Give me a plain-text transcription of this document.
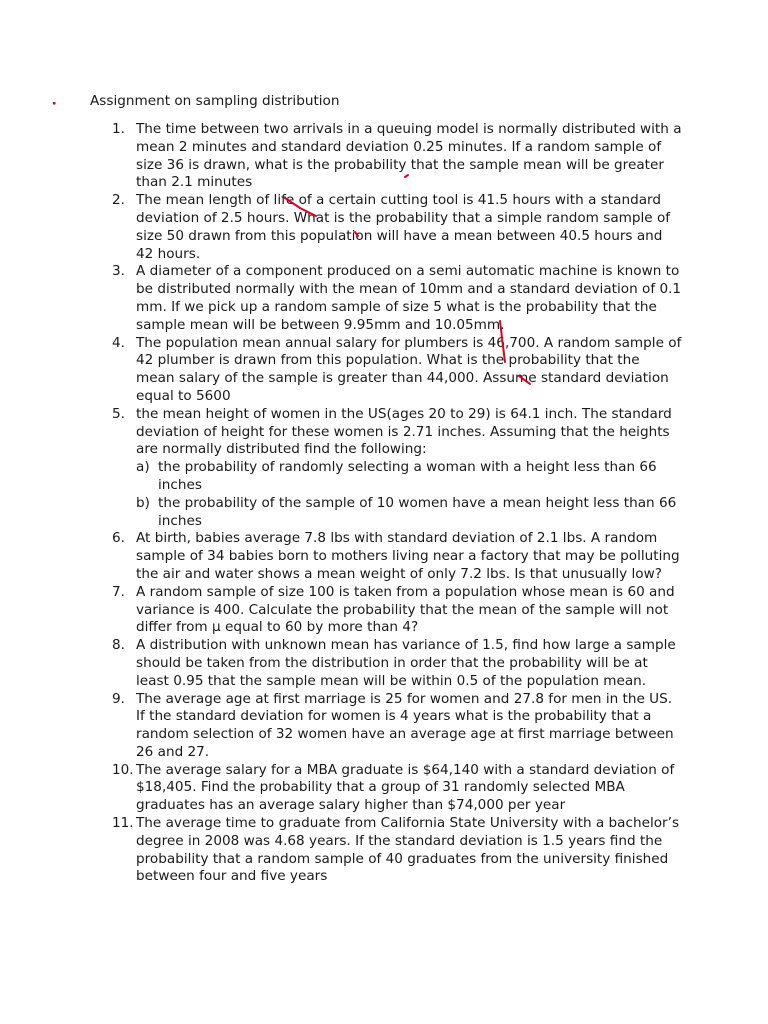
Assignment on sampling distribution
1. The time between two arrivals in a queuing model is normally distributed with a mean 2 minutes and standard deviation 0.25 minutes. If a random sample of size 36 is drawn, what is the probability that the sample mean will be greater than 2.1 minutes
2. The mean length of life of a certain cutting tool is 41.5 hours with a standard deviation of 2.5 hours. What is the probability that a simple random sample of size 50 drawn from this population will have a mean between 40.5 hours and 42 hours.
3. A diameter of a component produced on a semi automatic machine is known to be distributed normally with the mean of 10mm and a standard deviation of 0.1 mm. If we pick up a random sample of size 5 what is the probability that the sample mean will be between 9.95mm and 10.05mm.
4. The population mean annual salary for plumbers is 46,700. A random sample of 42 plumber is drawn from this population. What is the probability that the mean salary of the sample is greater than 44,000. Assume standard deviation equal to 5600
5. the mean height of women in the US(ages 20 to 29) is 64.1 inch. The standard deviation of height for these women is 2.71 inches. Assuming that the heights are normally distributed find the following:
a) the probability of randomly selecting a woman with a height less than 66 inches
b) the probability of the sample of 10 women have a mean height less than 66 inches
6. At birth, babies average 7.8 lbs with standard deviation of 2.1 lbs. A random sample of 34 babies born to mothers living near a factory that may be polluting the air and water shows a mean weight of only 7.2 lbs. Is that unusually low?
7. A random sample of size 100 is taken from a population whose mean is 60 and variance is 400. Calculate the probability that the mean of the sample will not differ from µ equal to 60 by more than 4?
8. A distribution with unknown mean has variance of 1.5, find how large a sample should be taken from the distribution in order that the probability will be at least 0.95 that the sample mean will be within 0.5 of the population mean.
9. The average age at first marriage is 25 for women and 27.8 for men in the US. If the standard deviation for women is 4 years what is the probability that a random selection of 32 women have an average age at first marriage between 26 and 27.
10. The average salary for a MBA graduate is $64,140 with a standard deviation of $18,405. Find the probability that a group of 31 randomly selected MBA graduates has an average salary higher than $74,000 per year
11. The average time to graduate from California State University with a bachelor’s degree in 2008 was 4.68 years. If the standard deviation is 1.5 years find the probability that a random sample of 40 graduates from the university finished between four and five years
